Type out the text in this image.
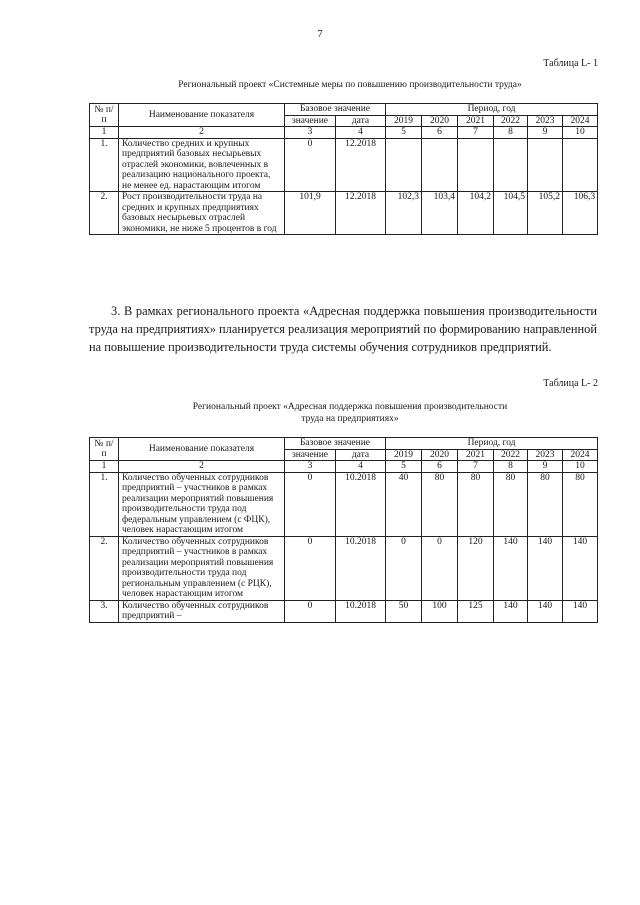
7
Таблица L- 1
Региональный проект «Системные меры по повышению производительности труда»
№ п/п	Наименование показателя	Базовое значение		Период, год					
		значение	дата	2019	2020	2021	2022	2023	2024
1	2	3	4	5	6	7	8	9	10
1.	Количество средних и крупных предприятий базовых несырьевых отраслей экономики, вовлеченных в реализацию национального проекта, не менее ед. нарастающим итогом	0	12.2018						
2.	Рост производительности труда на средних и крупных предприятиях базовых несырьевых отраслей экономики, не ниже 5 процентов в год	101,9	12.2018	102,3	103,4	104,2	104,5	105,2	106,3
3. В рамках регионального проекта «Адресная поддержка повышения производительности труда на предприятиях» планируется реализация мероприятий по формированию направленной на повышение производительности труда системы обучения сотрудников предприятий.
Таблица L- 2
Региональный проект «Адресная поддержка повышения производительности
труда на предприятиях»
№ п/п	Наименование показателя	Базовое значение		Период, год					
		значение	дата	2019	2020	2021	2022	2023	2024
1	2	3	4	5	6	7	8	9	10
1.	Количество обученных сотрудников предприятий – участников в рамках реализации мероприятий повышения производительности труда под федеральным управлением (с ФЦК), человек нарастающим итогом	0	10.2018	40	80	80	80	80	80
2.	Количество обученных сотрудников предприятий – участников в рамках реализации мероприятий повышения производительности труда под региональным управлением (с РЦК), человек нарастающим итогом	0	10.2018	0	0	120	140	140	140
3.	Количество обученных сотрудников предприятий –	0	10.2018	50	100	125	140	140	140
